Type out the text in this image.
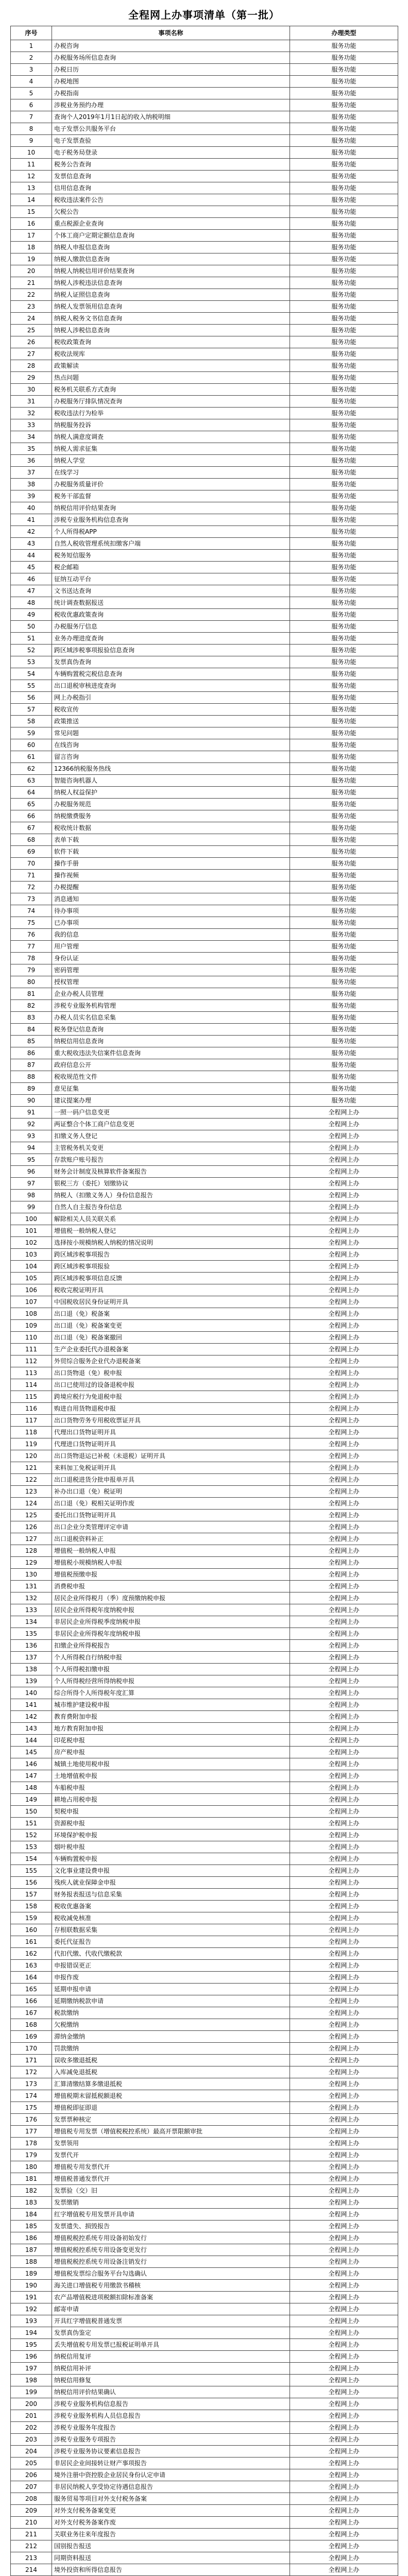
全程网上办事项清单（第一批）
序号	事项名称	办理类型
1	办税咨询	服务功能
2	办税服务场所信息查询	服务功能
3	办税日历	服务功能
4	办税地图	服务功能
5	办税指南	服务功能
6	涉税业务预约办理	服务功能
7	查询个人2019年1月1日起的收入纳税明细	服务功能
8	电子发票公共服务平台	服务功能
9	电子发票查验	服务功能
10	电子税务局登录	服务功能
11	税务公告查询	服务功能
12	发票信息查询	服务功能
13	信用信息查询	服务功能
14	税收违法案件公告	服务功能
15	欠税公告	服务功能
16	重点税源企业查询	服务功能
17	个体工商户定期定额信息查询	服务功能
18	纳税人申报信息查询	服务功能
19	纳税人缴款信息查询	服务功能
20	纳税人纳税信用评价结果查询	服务功能
21	纳税人涉税违法信息查询	服务功能
22	纳税人证照信息查询	服务功能
23	纳税人发票领用信息查询	服务功能
24	纳税人税务文书信息查询	服务功能
25	纳税人涉税信息查询	服务功能
26	税收政策查询	服务功能
27	税收法规库	服务功能
28	政策解读	服务功能
29	热点问题	服务功能
30	税务机关联系方式查询	服务功能
31	办税服务厅排队情况查询	服务功能
32	税收违法行为检举	服务功能
33	纳税服务投诉	服务功能
34	纳税人满意度调查	服务功能
35	纳税人需求征集	服务功能
36	纳税人学堂	服务功能
37	在线学习	服务功能
38	办税服务质量评价	服务功能
39	税务干部监督	服务功能
40	纳税信用评价结果查询	服务功能
41	涉税专业服务机构信息查询	服务功能
42	个人所得税APP	服务功能
43	自然人税收管理系统扣缴客户端	服务功能
44	税务短信服务	服务功能
45	税企邮箱	服务功能
46	征纳互动平台	服务功能
47	文书送达查询	服务功能
48	统计调查数据报送	服务功能
49	税收优惠政策查询	服务功能
50	办税服务厅信息	服务功能
51	业务办理进度查询	服务功能
52	跨区域涉税事项报验信息查询	服务功能
53	发票真伪查询	服务功能
54	车辆购置税完税信息查询	服务功能
55	出口退税审核进度查询	服务功能
56	网上办税指引	服务功能
57	税收宣传	服务功能
58	政策推送	服务功能
59	常见问题	服务功能
60	在线咨询	服务功能
61	留言咨询	服务功能
62	12366纳税服务热线	服务功能
63	智能咨询机器人	服务功能
64	纳税人权益保护	服务功能
65	办税服务规范	服务功能
66	纳税缴费服务	服务功能
67	税收统计数据	服务功能
68	表单下载	服务功能
69	软件下载	服务功能
70	操作手册	服务功能
71	操作视频	服务功能
72	办税提醒	服务功能
73	消息通知	服务功能
74	待办事项	服务功能
75	已办事项	服务功能
76	我的信息	服务功能
77	用户管理	服务功能
78	身份认证	服务功能
79	密码管理	服务功能
80	授权管理	服务功能
81	企业办税人员管理	服务功能
82	涉税专业服务机构管理	服务功能
83	办税人员实名信息采集	服务功能
84	税务登记信息查询	服务功能
85	纳税信用信息查询	服务功能
86	重大税收违法失信案件信息查询	服务功能
87	政府信息公开	服务功能
88	税收规范性文件	服务功能
89	意见征集	服务功能
90	建议提案办理	服务功能
91	一照一码户信息变更	全程网上办
92	两证整合个体工商户信息变更	全程网上办
93	扣缴义务人登记	全程网上办
94	主管税务机关变更	全程网上办
95	存款账户账号报告	全程网上办
96	财务会计制度及核算软件备案报告	全程网上办
97	银税三方（委托）划缴协议	全程网上办
98	纳税人（扣缴义务人）身份信息报告	全程网上办
99	自然人自主报告身份信息	全程网上办
100	解除相关人员关联关系	全程网上办
101	增值税一般纳税人登记	全程网上办
102	选择按小规模纳税人纳税的情况说明	全程网上办
103	跨区域涉税事项报告	全程网上办
104	跨区域涉税事项报验	全程网上办
105	跨区域涉税事项信息反馈	全程网上办
106	税收完税证明开具	全程网上办
107	中国税收居民身份证明开具	全程网上办
108	出口退（免）税备案	全程网上办
109	出口退（免）税备案变更	全程网上办
110	出口退（免）税备案撤回	全程网上办
111	生产企业委托代办退税备案	全程网上办
112	外贸综合服务企业代办退税备案	全程网上办
113	出口货物退（免）税申报	全程网上办
114	出口已使用过的设备退税申报	全程网上办
115	跨境应税行为免退税申报	全程网上办
116	购进自用货物退税申报	全程网上办
117	出口货物劳务专用税收票证开具	全程网上办
118	代理出口货物证明开具	全程网上办
119	代理进口货物证明开具	全程网上办
120	出口货物退运已补税（未退税）证明开具	全程网上办
121	来料加工免税证明开具	全程网上办
122	出口退税进货分批申报单开具	全程网上办
123	补办出口退（免）税证明	全程网上办
124	出口退（免）税相关证明作废	全程网上办
125	委托出口货物证明开具	全程网上办
126	出口企业分类管理评定申请	全程网上办
127	出口退税资料补正	全程网上办
128	增值税一般纳税人申报	全程网上办
129	增值税小规模纳税人申报	全程网上办
130	增值税预缴申报	全程网上办
131	消费税申报	全程网上办
132	居民企业所得税月（季）度预缴纳税申报	全程网上办
133	居民企业所得税年度纳税申报	全程网上办
134	非居民企业所得税季度纳税申报	全程网上办
135	非居民企业所得税年度纳税申报	全程网上办
136	扣缴企业所得税报告	全程网上办
137	个人所得税自行纳税申报	全程网上办
138	个人所得税扣缴申报	全程网上办
139	个人所得税经营所得纳税申报	全程网上办
140	综合所得个人所得税年度汇算	全程网上办
141	城市维护建设税申报	全程网上办
142	教育费附加申报	全程网上办
143	地方教育附加申报	全程网上办
144	印花税申报	全程网上办
145	房产税申报	全程网上办
146	城镇土地使用税申报	全程网上办
147	土地增值税申报	全程网上办
148	车船税申报	全程网上办
149	耕地占用税申报	全程网上办
150	契税申报	全程网上办
151	资源税申报	全程网上办
152	环境保护税申报	全程网上办
153	烟叶税申报	全程网上办
154	车辆购置税申报	全程网上办
155	文化事业建设费申报	全程网上办
156	残疾人就业保障金申报	全程网上办
157	财务报表报送与信息采集	全程网上办
158	税收优惠备案	全程网上办
159	税收减免核准	全程网上办
160	存根联数据采集	全程网上办
161	委托代征报告	全程网上办
162	代扣代缴、代收代缴税款	全程网上办
163	申报错误更正	全程网上办
164	申报作废	全程网上办
165	延期申报申请	全程网上办
166	延期缴纳税款申请	全程网上办
167	税款缴纳	全程网上办
168	欠税缴纳	全程网上办
169	滞纳金缴纳	全程网上办
170	罚款缴纳	全程网上办
171	误收多缴退抵税	全程网上办
172	入库减免退抵税	全程网上办
173	汇算清缴结算多缴退抵税	全程网上办
174	增值税期末留抵税额退税	全程网上办
175	增值税即征即退	全程网上办
176	发票票种核定	全程网上办
177	增值税专用发票（增值税税控系统）最高开票限额审批	全程网上办
178	发票领用	全程网上办
179	发票代开	全程网上办
180	增值税专用发票代开	全程网上办
181	增值税普通发票代开	全程网上办
182	发票验（交）旧	全程网上办
183	发票缴销	全程网上办
184	红字增值税专用发票开具申请	全程网上办
185	发票遗失、损毁报告	全程网上办
186	增值税税控系统专用设备初始发行	全程网上办
187	增值税税控系统专用设备变更发行	全程网上办
188	增值税税控系统专用设备注销发行	全程网上办
189	增值税发票综合服务平台勾选确认	全程网上办
190	海关进口增值税专用缴款书稽核	全程网上办
191	农产品增值税进项税额扣除标准备案	全程网上办
192	邮寄申请	全程网上办
193	开具红字增值税普通发票	全程网上办
194	发票真伪鉴定	全程网上办
195	丢失增值税专用发票已报税证明单开具	全程网上办
196	纳税信用复评	全程网上办
197	纳税信用补评	全程网上办
198	纳税信用修复	全程网上办
199	纳税信用评价结果确认	全程网上办
200	涉税专业服务机构信息报告	全程网上办
201	涉税专业服务机构人员信息报告	全程网上办
202	涉税专业服务年度报告	全程网上办
203	涉税专业服务专项报告	全程网上办
204	涉税专业服务协议要素信息报告	全程网上办
205	非居民企业间接转让财产事项报告	全程网上办
206	境外注册中资控股企业居民身份认定申请	全程网上办
207	非居民纳税人享受协定待遇信息报告	全程网上办
208	服务贸易等项目对外支付税务备案	全程网上办
209	对外支付税务备案变更	全程网上办
210	对外支付税务备案作废	全程网上办
211	关联业务往来年度报告	全程网上办
212	国别报告报送	全程网上办
213	同期资料报送	全程网上办
214	境外投资和所得信息报告	全程网上办
